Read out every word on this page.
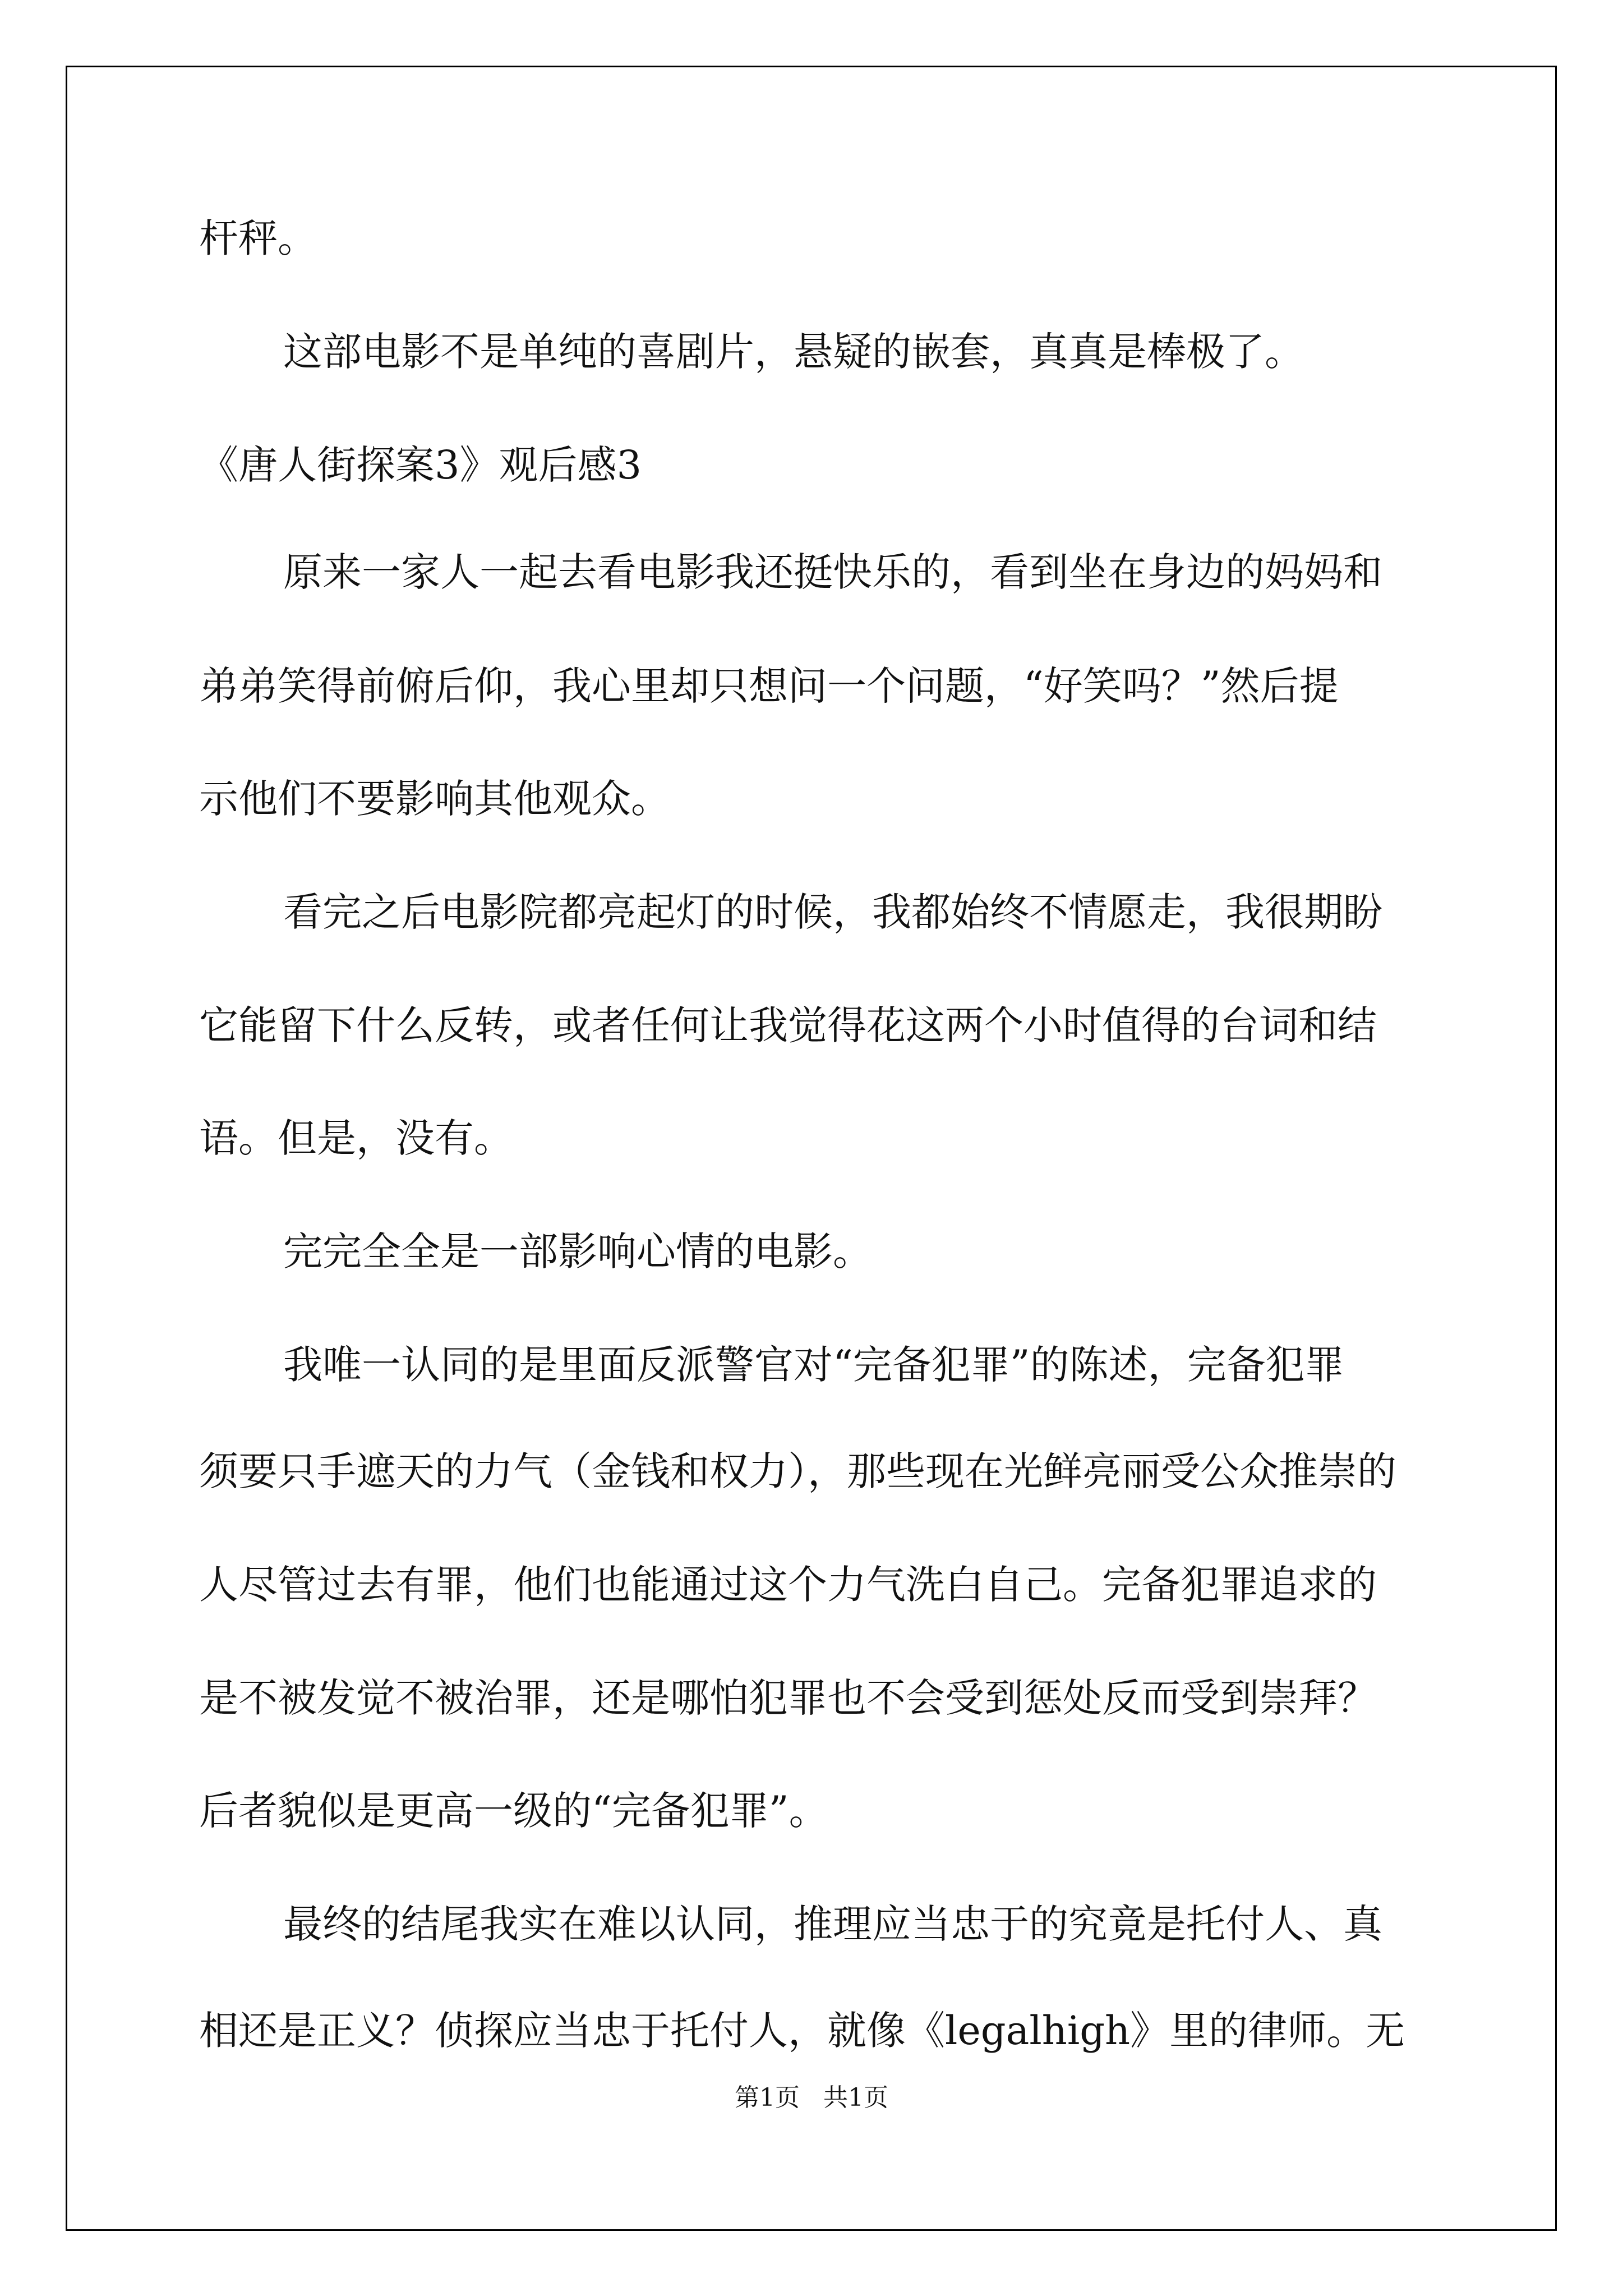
杆秤。

这部电影不是单纯的喜剧片，悬疑的嵌套，真真是棒极了。

《唐人街探案3》观后感3

原来一家人一起去看电影我还挺快乐的，看到坐在身边的妈妈和

弟弟笑得前俯后仰，我心里却只想问一个问题，“好笑吗？”然后提

示他们不要影响其他观众。

看完之后电影院都亮起灯的时候，我都始终不情愿走，我很期盼

它能留下什么反转，或者任何让我觉得花这两个小时值得的台词和结

语。但是，没有。

完完全全是一部影响心情的电影。

我唯一认同的是里面反派警官对“完备犯罪”的陈述，完备犯罪

须要只手遮天的力气（金钱和权力），那些现在光鲜亮丽受公众推崇的

人尽管过去有罪，他们也能通过这个力气洗白自己。完备犯罪追求的

是不被发觉不被治罪，还是哪怕犯罪也不会受到惩处反而受到崇拜？

后者貌似是更高一级的“完备犯罪”。

最终的结尾我实在难以认同，推理应当忠于的究竟是托付人、真

相还是正义？侦探应当忠于托付人，就像《legalhigh》里的律师。无

第1页   共1页
